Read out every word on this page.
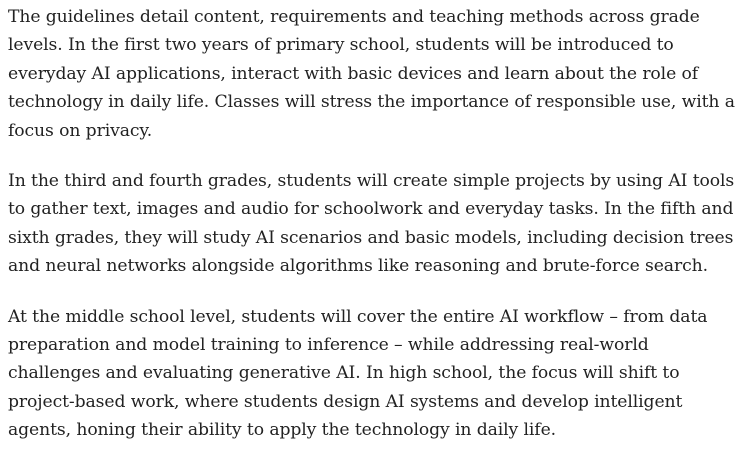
The guidelines detail content, requirements and teaching methods across grade levels. In the first two years of primary school, students will be introduced to everyday AI applications, interact with basic devices and learn about the role of technology in daily life. Classes will stress the importance of responsible use, with a focus on privacy.

In the third and fourth grades, students will create simple projects by using AI tools to gather text, images and audio for schoolwork and everyday tasks. In the fifth and sixth grades, they will study AI scenarios and basic models, including decision trees and neural networks alongside algorithms like reasoning and brute-force search.

At the middle school level, students will cover the entire AI workflow – from data preparation and model training to inference – while addressing real-world challenges and evaluating generative AI. In high school, the focus will shift to project-based work, where students design AI systems and develop intelligent agents, honing their ability to apply the technology in daily life.
